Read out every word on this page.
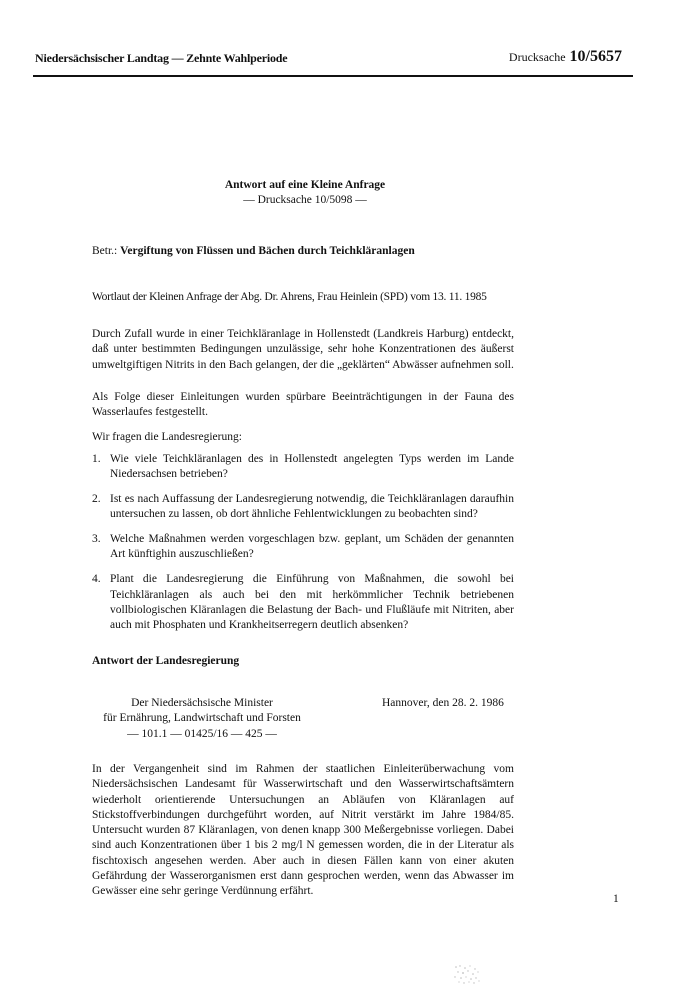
Niedersächsischer Landtag — Zehnte Wahlperiode	Drucksache 10/5657
Antwort auf eine Kleine Anfrage
— Drucksache 10/5098 —

Betr.: Vergiftung von Flüssen und Bächen durch Teichkläranlagen

Wortlaut der Kleinen Anfrage der Abg. Dr. Ahrens, Frau Heinlein (SPD) vom 13. 11. 1985

Durch Zufall wurde in einer Teichkläranlage in Hollenstedt (Landkreis Harburg) entdeckt, daß unter bestimmten Bedingungen unzulässige, sehr hohe Konzentrationen des äußerst umweltgiftigen Nitrits in den Bach gelangen, der die „geklärten“ Abwässer aufnehmen soll.

Als Folge dieser Einleitungen wurden spürbare Beeinträchtigungen in der Fauna des Wasserlaufes festgestellt.

Wir fragen die Landesregierung:

1. Wie viele Teichkläranlagen des in Hollenstedt angelegten Typs werden im Lande Niedersachsen betrieben?
2. Ist es nach Auffassung der Landesregierung notwendig, die Teichkläranlagen daraufhin untersuchen zu lassen, ob dort ähnliche Fehlentwicklungen zu beobachten sind?
3. Welche Maßnahmen werden vorgeschlagen bzw. geplant, um Schäden der genannten Art künftighin auszuschließen?
4. Plant die Landesregierung die Einführung von Maßnahmen, die sowohl bei Teichkläranlagen als auch bei den mit herkömmlicher Technik betriebenen vollbiologischen Kläranlagen die Belastung der Bach- und Flußläufe mit Nitriten, aber auch mit Phosphaten und Krankheitserregern deutlich absenken?

Antwort der Landesregierung

Der Niedersächsische Minister
für Ernährung, Landwirtschaft und Forsten
— 101.1 — 01425/16 — 425 —
Hannover, den 28. 2. 1986

In der Vergangenheit sind im Rahmen der staatlichen Einleiterüberwachung vom Niedersächsischen Landesamt für Wasserwirtschaft und den Wasserwirtschaftsämtern wiederholt orientierende Untersuchungen an Abläufen von Kläranlagen auf Stickstoffverbindungen durchgeführt worden, auf Nitrit verstärkt im Jahre 1984/85. Untersucht wurden 87 Kläranlagen, von denen knapp 300 Meßergebnisse vorliegen. Dabei sind auch Konzentrationen über 1 bis 2 mg/l N gemessen worden, die in der Literatur als fischtoxisch angesehen werden. Aber auch in diesen Fällen kann von einer akuten Gefährdung der Wasserorganismen erst dann gesprochen werden, wenn das Abwasser im Gewässer eine sehr geringe Verdünnung erfährt.

1
